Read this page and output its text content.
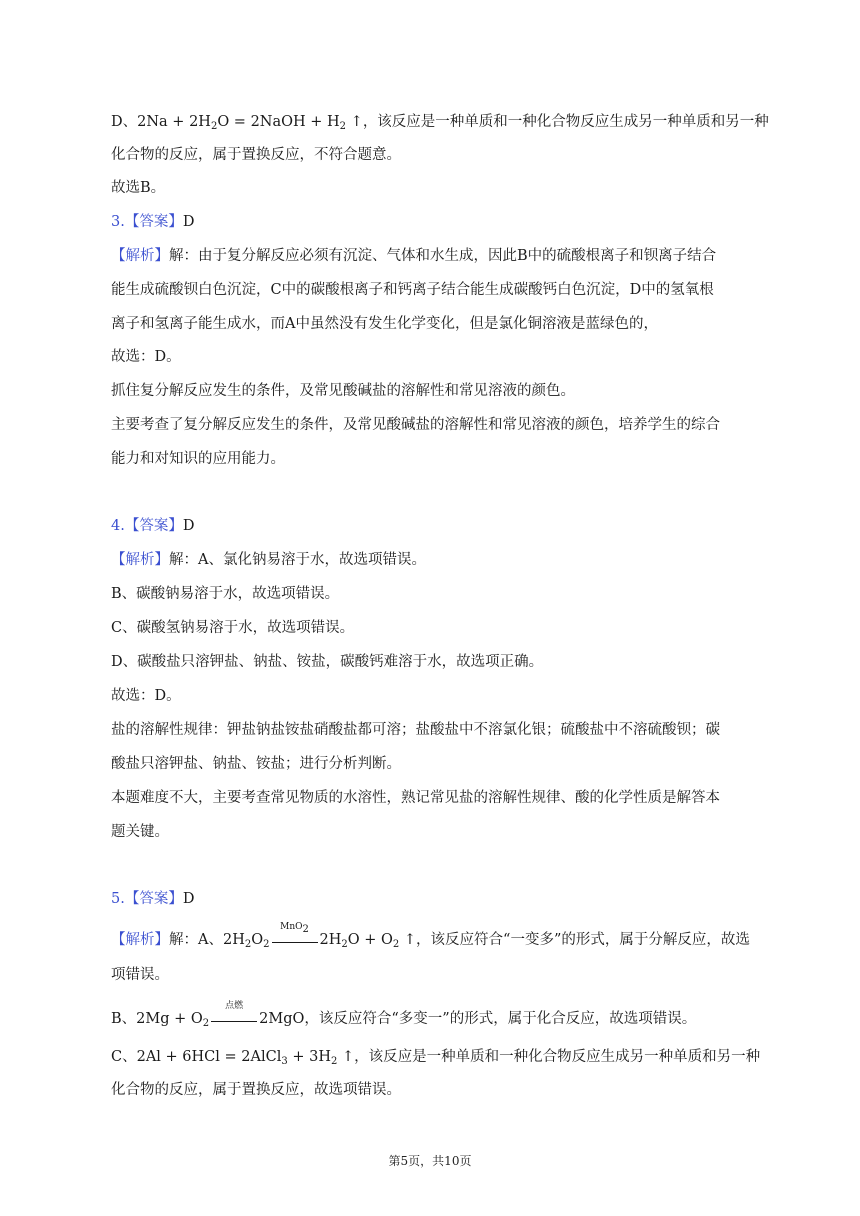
D、$2Na + 2H_2O$ = 2NaOH + $H_2$ ↑，该反应是一种单质和一种化合物反应生成另一种单质和另一种
化合物的反应，属于置换反应，不符合题意。
故选B。
3.【答案】D
【解析】解：由于复分解反应必须有沉淀、气体和水生成，因此B中的硫酸根离子和钡离子结合
能生成硫酸钡白色沉淀，C中的碳酸根离子和钙离子结合能生成碳酸钙白色沉淀，D中的氢氧根
离子和氢离子能生成水，而A中虽然没有发生化学变化，但是氯化铜溶液是蓝绿色的，
故选：D。
抓住复分解反应发生的条件，及常见酸碱盐的溶解性和常见溶液的颜色。
主要考查了复分解反应发生的条件，及常见酸碱盐的溶解性和常见溶液的颜色，培养学生的综合
能力和对知识的应用能力。
4.【答案】D
【解析】解：A、氯化钠易溶于水，故选项错误。
B、碳酸钠易溶于水，故选项错误。
C、碳酸氢钠易溶于水，故选项错误。
D、碳酸盐只溶钾盐、钠盐、铵盐，碳酸钙难溶于水，故选项正确。
故选：D。
盐的溶解性规律：钾盐钠盐铵盐硝酸盐都可溶；盐酸盐中不溶氯化银；硫酸盐中不溶硫酸钡；碳
酸盐只溶钾盐、钠盐、铵盐；进行分析判断。
本题难度不大，主要考查常见物质的水溶性，熟记常见盐的溶解性规律、酸的化学性质是解答本
题关键。
5.【答案】D
【解析】解：A、$2H_2O_2$
MnO$_2$
$2H_2O + O_2$ ↑，该反应符合“一变多”的形式，属于分解反应，故选
项错误。
B、$2Mg + O_2$
点燃
2MgO，该反应符合“多变一”的形式，属于化合反应，故选项错误。
C、2Al + 6HCl = 2AlCl$_3$ + $3H_2$ ↑，该反应是一种单质和一种化合物反应生成另一种单质和另一种
化合物的反应，属于置换反应，故选项错误。
第5页，共10页
